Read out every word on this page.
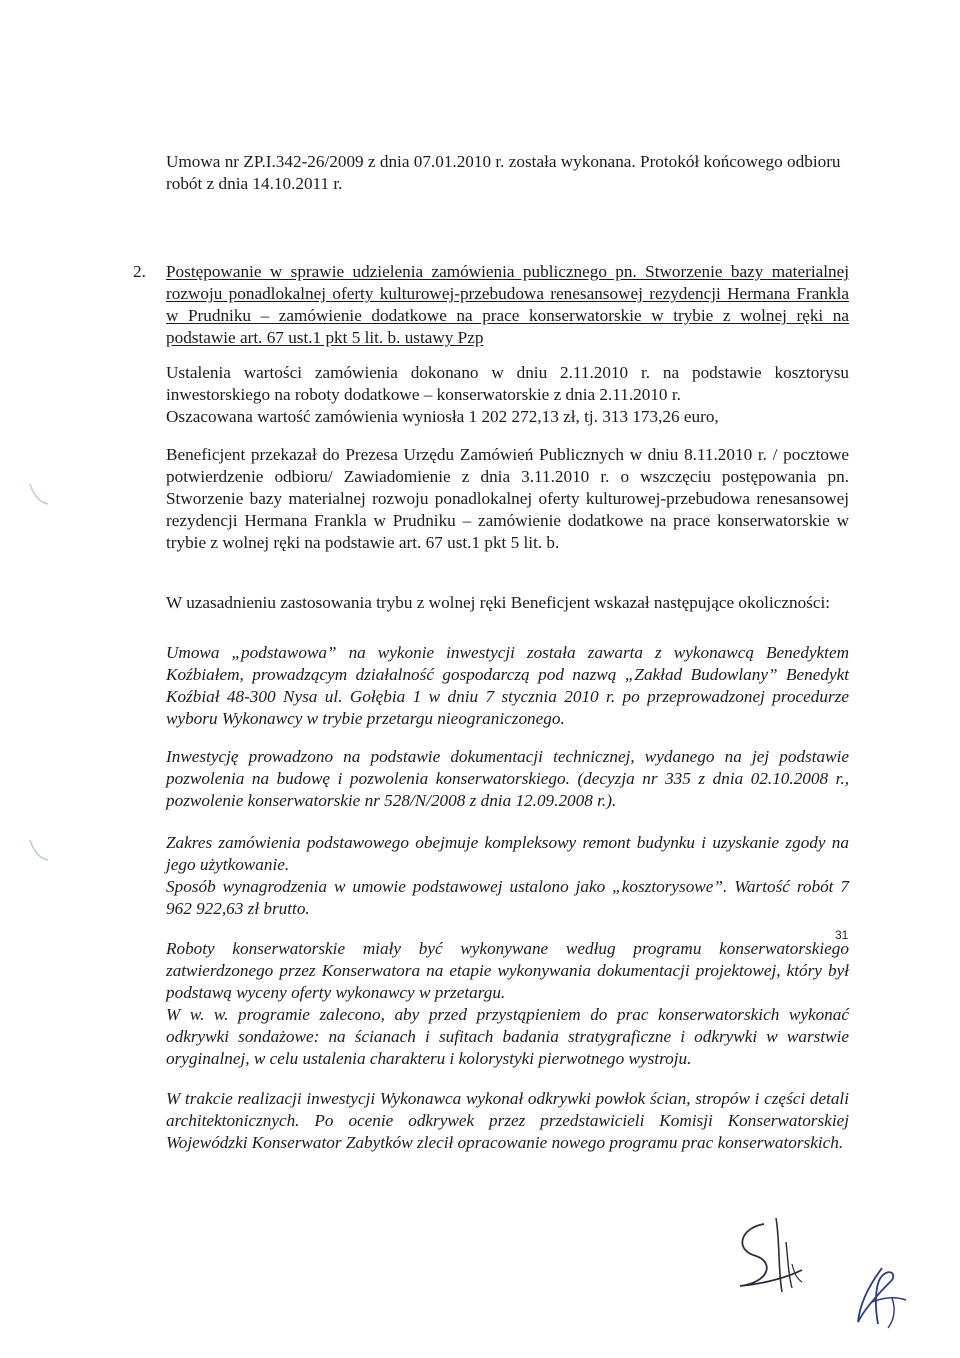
Umowa nr ZP.I.342-26/2009 z dnia 07.01.2010 r. została wykonana. Protokół końcowego odbioru robót z dnia 14.10.2011 r.

2. Postępowanie w sprawie udzielenia zamówienia publicznego pn. Stworzenie bazy materialnej rozwoju ponadlokalnej oferty kulturowej-przebudowa renesansowej rezydencji Hermana Frankla w Prudniku – zamówienie dodatkowe na prace konserwatorskie w trybie z wolnej ręki na podstawie art. 67 ust.1 pkt 5 lit. b. ustawy Pzp

Ustalenia wartości zamówienia dokonano w dniu 2.11.2010 r. na podstawie kosztorysu inwestorskiego na roboty dodatkowe – konserwatorskie z dnia 2.11.2010 r.

Oszacowana wartość zamówienia wyniosła 1 202 272,13 zł, tj. 313 173,26 euro,

Beneficjent przekazał do Prezesa Urzędu Zamówień Publicznych w dniu 8.11.2010 r. / pocztowe potwierdzenie odbioru/ Zawiadomienie z dnia 3.11.2010 r. o wszczęciu postępowania pn. Stworzenie bazy materialnej rozwoju ponadlokalnej oferty kulturowej-przebudowa renesansowej rezydencji Hermana Frankla w Prudniku – zamówienie dodatkowe na prace konserwatorskie w trybie z wolnej ręki na podstawie art. 67 ust.1 pkt 5 lit. b.

W uzasadnieniu zastosowania trybu z wolnej ręki Beneficjent wskazał następujące okoliczności:

Umowa „podstawowa” na wykonie inwestycji została zawarta z wykonawcą Benedyktem Koźbiałem, prowadzącym działalność gospodarczą pod nazwą „Zakład Budowlany” Benedykt Koźbiał 48-300 Nysa ul. Gołębia 1 w dniu 7 stycznia 2010 r. po przeprowadzonej procedurze wyboru Wykonawcy w trybie przetargu nieograniczonego.

Inwestycję prowadzono na podstawie dokumentacji technicznej, wydanego na jej podstawie pozwolenia na budowę i pozwolenia konserwatorskiego. (decyzja nr 335 z dnia 02.10.2008 r., pozwolenie konserwatorskie nr 528/N/2008 z dnia 12.09.2008 r.).

Zakres zamówienia podstawowego obejmuje kompleksowy remont budynku i uzyskanie zgody na jego użytkowanie.

Sposób wynagrodzenia w umowie podstawowej ustalono jako „kosztorysowe”. Wartość robót 7 962 922,63 zł brutto.

Roboty konserwatorskie miały być wykonywane według programu konserwatorskiego zatwierdzonego przez Konserwatora na etapie wykonywania dokumentacji projektowej, który był podstawą wyceny oferty wykonawcy w przetargu.

W w. w. programie zalecono, aby przed przystąpieniem do prac konserwatorskich wykonać odkrywki sondażowe: na ścianach i sufitach badania stratygraficzne i odkrywki w warstwie oryginalnej, w celu ustalenia charakteru i kolorystyki pierwotnego wystroju.

W trakcie realizacji inwestycji Wykonawca wykonał odkrywki powłok ścian, stropów i części detali architektonicznych. Po ocenie odkrywek przez przedstawicieli Komisji Konserwatorskiej Wojewódzki Konserwator Zabytków zlecił opracowanie nowego programu prac konserwatorskich.

31
